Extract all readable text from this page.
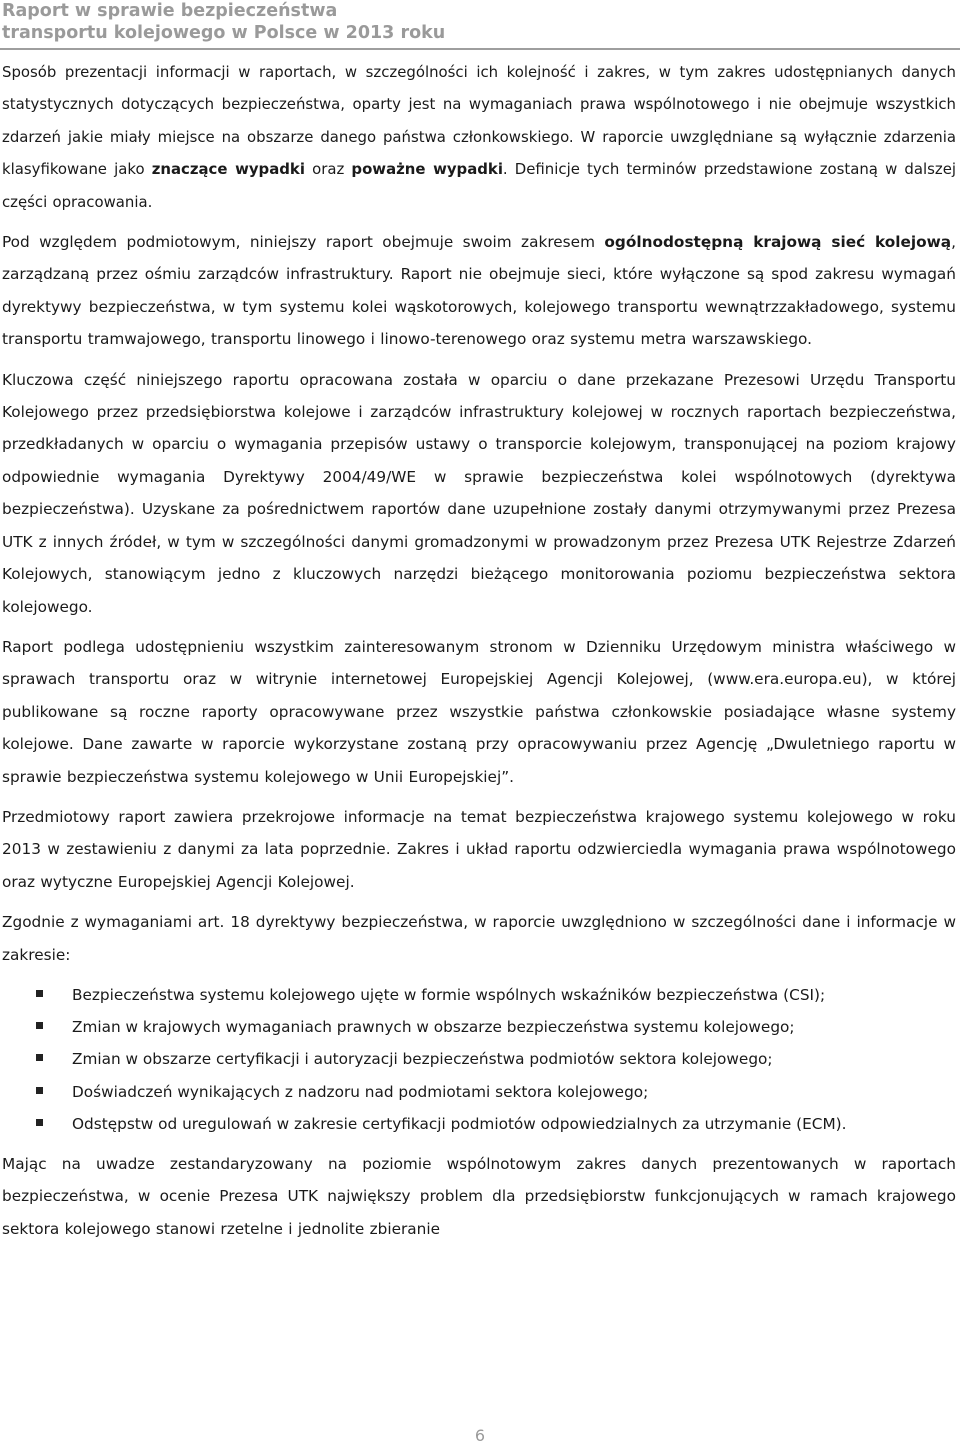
Raport w sprawie bezpieczeństwa
transportu kolejowego w Polsce w 2013 roku

Sposób prezentacji informacji w raportach, w szczególności ich kolejność i zakres, w tym zakres udostępnianych danych statystycznych dotyczących bezpieczeństwa, oparty jest na wymaganiach prawa wspólnotowego i nie obejmuje wszystkich zdarzeń jakie miały miejsce na obszarze danego państwa członkowskiego. W raporcie uwzględniane są wyłącznie zdarzenia klasyfikowane jako znaczące wypadki oraz poważne wypadki. Definicje tych terminów przedstawione zostaną w dalszej części opracowania.

Pod względem podmiotowym, niniejszy raport obejmuje swoim zakresem ogólnodostępną krajową sieć kolejową, zarządzaną przez ośmiu zarządców infrastruktury. Raport nie obejmuje sieci, które wyłączone są spod zakresu wymagań dyrektywy bezpieczeństwa, w tym systemu kolei wąskotorowych, kolejowego transportu wewnątrzzakładowego, systemu transportu tramwajowego, transportu linowego i linowo-terenowego oraz systemu metra warszawskiego.

Kluczowa część niniejszego raportu opracowana została w oparciu o dane przekazane Prezesowi Urzędu Transportu Kolejowego przez przedsiębiorstwa kolejowe i zarządców infrastruktury kolejowej w rocznych raportach bezpieczeństwa, przedkładanych w oparciu o wymagania przepisów ustawy o transporcie kolejowym, transponującej na poziom krajowy odpowiednie wymagania Dyrektywy 2004/49/WE w sprawie bezpieczeństwa kolei wspólnotowych (dyrektywa bezpieczeństwa). Uzyskane za pośrednictwem raportów dane uzupełnione zostały danymi otrzymywanymi przez Prezesa UTK z innych źródeł, w tym w szczególności danymi gromadzonymi w prowadzonym przez Prezesa UTK Rejestrze Zdarzeń Kolejowych, stanowiącym jedno z kluczowych narzędzi bieżącego monitorowania poziomu bezpieczeństwa sektora kolejowego.

Raport podlega udostępnieniu wszystkim zainteresowanym stronom w Dzienniku Urzędowym ministra właściwego w sprawach transportu oraz w witrynie internetowej Europejskiej Agencji Kolejowej, (www.era.europa.eu), w której publikowane są roczne raporty opracowywane przez wszystkie państwa członkowskie posiadające własne systemy kolejowe. Dane zawarte w raporcie wykorzystane zostaną przy opracowywaniu przez Agencję „Dwuletniego raportu w sprawie bezpieczeństwa systemu kolejowego w Unii Europejskiej”.

Przedmiotowy raport zawiera przekrojowe informacje na temat bezpieczeństwa krajowego systemu kolejowego w roku 2013 w zestawieniu z danymi za lata poprzednie. Zakres i układ raportu odzwierciedla wymagania prawa wspólnotowego oraz wytyczne Europejskiej Agencji Kolejowej.

Zgodnie z wymaganiami art. 18 dyrektywy bezpieczeństwa, w raporcie uwzględniono w szczególności dane i informacje w zakresie:

Bezpieczeństwa systemu kolejowego ujęte w formie wspólnych wskaźników bezpieczeństwa (CSI);
Zmian w krajowych wymaganiach prawnych w obszarze bezpieczeństwa systemu kolejowego;
Zmian w obszarze certyfikacji i autoryzacji bezpieczeństwa podmiotów sektora kolejowego;
Doświadczeń wynikających z nadzoru nad podmiotami sektora kolejowego;
Odstępstw od uregulowań w zakresie certyfikacji podmiotów odpowiedzialnych za utrzymanie (ECM).

Mając na uwadze zestandaryzowany na poziomie wspólnotowym zakres danych prezentowanych w raportach bezpieczeństwa, w ocenie Prezesa UTK największy problem dla przedsiębiorstw funkcjonujących w ramach krajowego sektora kolejowego stanowi rzetelne i jednolite zbieranie

6
